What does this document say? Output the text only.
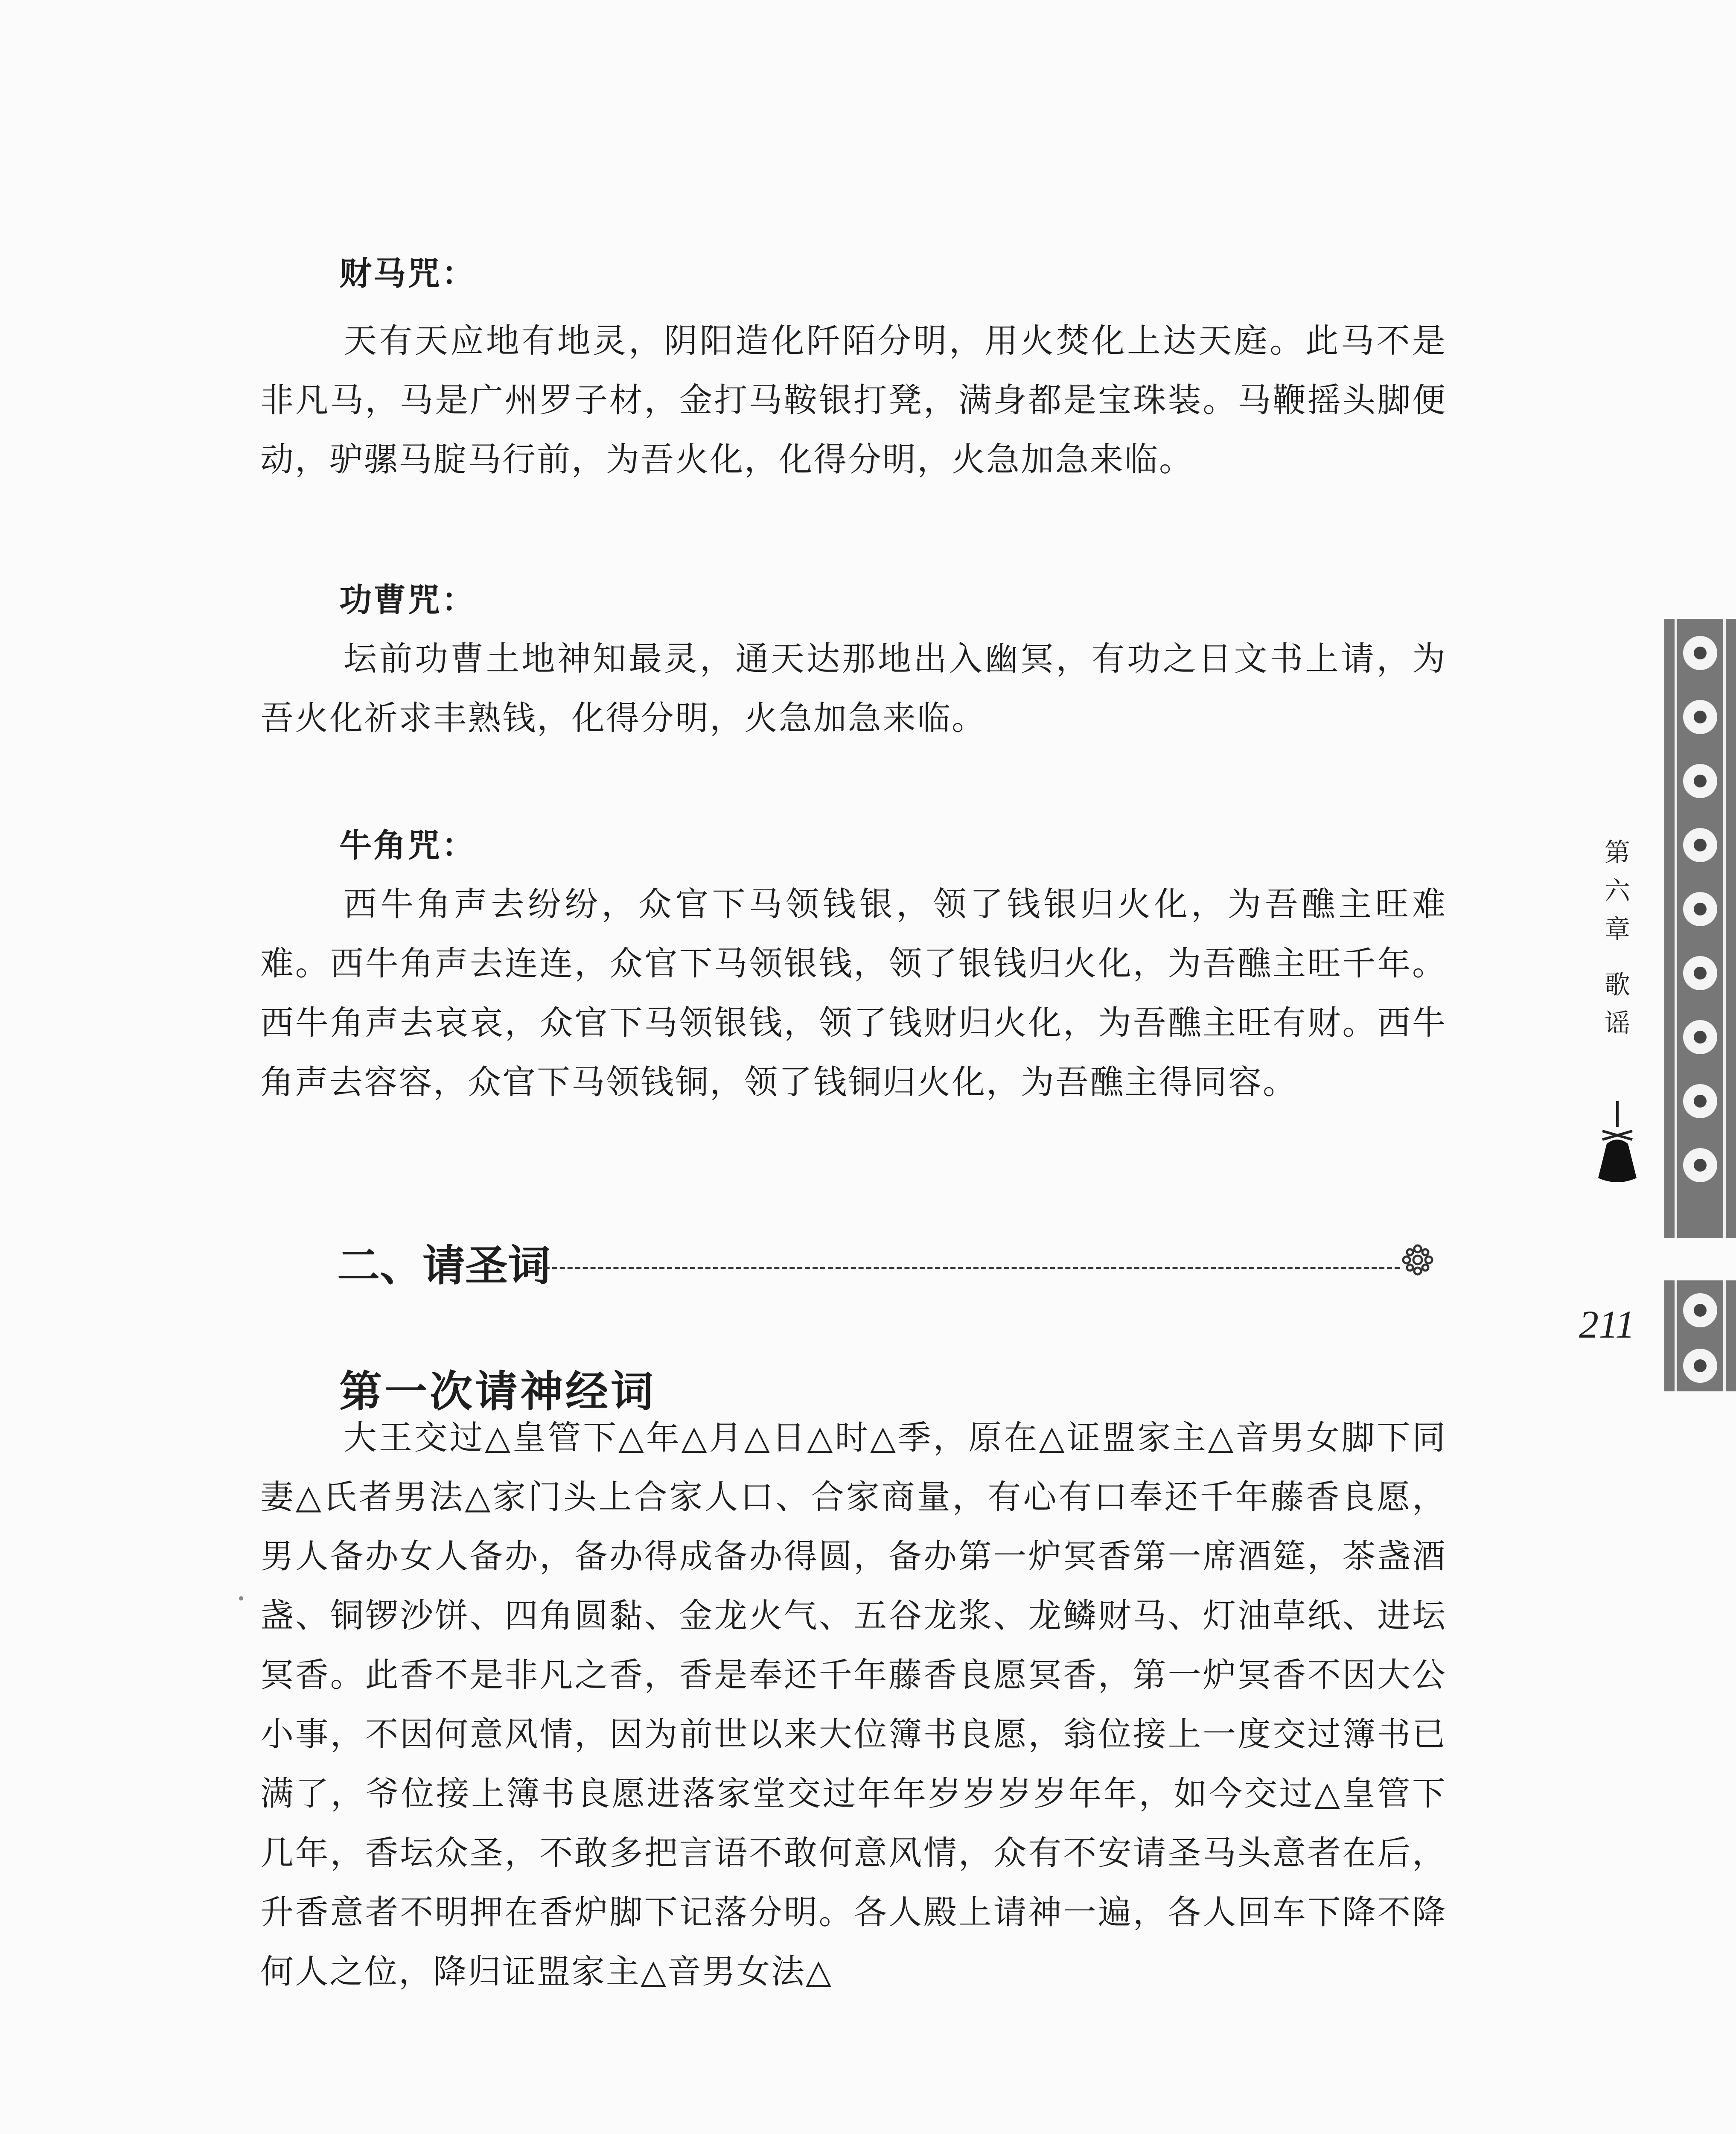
财马咒：
天有天应地有地灵，阴阳造化阡陌分明，用火焚化上达天庭。此马不是非凡马，马是广州罗子材，金打马鞍银打凳，满身都是宝珠装。马鞭摇头脚便动，驴骡马腚马行前，为吾火化，化得分明，火急加急来临。
功曹咒：
坛前功曹土地神知最灵，通天达那地出入幽冥，有功之日文书上请，为吾火化祈求丰熟钱，化得分明，火急加急来临。
牛角咒：
西牛角声去纷纷，众官下马领钱银，领了钱银归火化，为吾醮主旺难难。西牛角声去连连，众官下马领银钱，领了银钱归火化，为吾醮主旺千年。西牛角声去哀哀，众官下马领银钱，领了钱财归火化，为吾醮主旺有财。西牛角声去容容，众官下马领钱铜，领了钱铜归火化，为吾醮主得同容。
二、请圣词
第一次请神经词
大王交过△皇管下△年△月△日△时△季，原在△证盟家主△音男女脚下同妻△氏者男法△家门头上合家人口、合家商量，有心有口奉还千年藤香良愿，男人备办女人备办，备办得成备办得圆，备办第一炉冥香第一席酒筵，茶盏酒盏、铜锣沙饼、四角圆黏、金龙火气、五谷龙浆、龙鳞财马、灯油草纸、进坛冥香。此香不是非凡之香，香是奉还千年藤香良愿冥香，第一炉冥香不因大公小事，不因何意风情，因为前世以来大位簿书良愿，翁位接上一度交过簿书已满了，爷位接上簿书良愿进落家堂交过年年岁岁岁岁年年，如今交过△皇管下几年，香坛众圣，不敢多把言语不敢何意风情，众有不安请圣马头意者在后，升香意者不明押在香炉脚下记落分明。各人殿上请神一遍，各人回车下降不降何人之位，降归证盟家主△音男女法△
第
六
章
歌
谣
211
